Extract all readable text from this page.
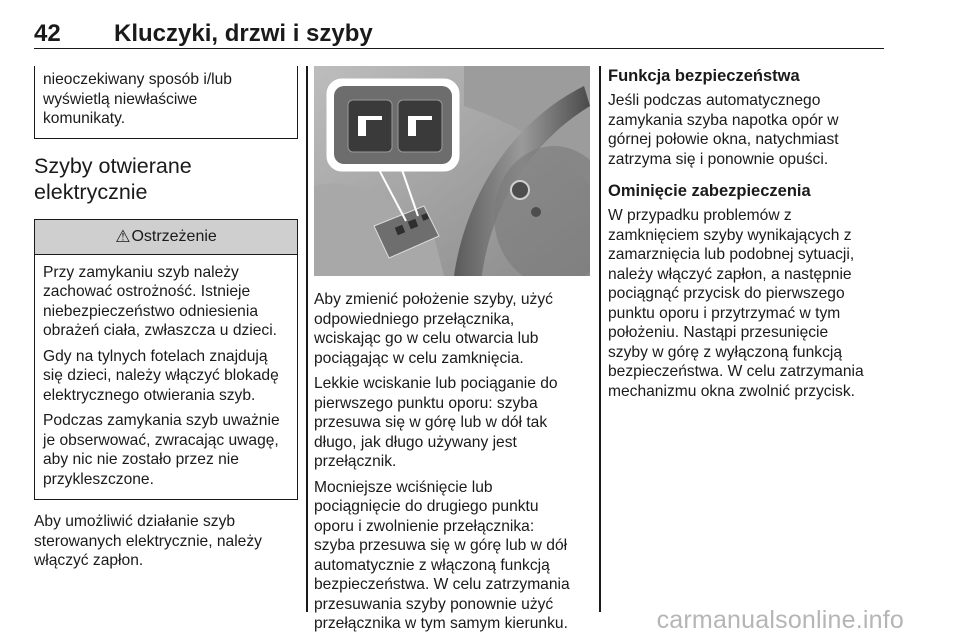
42 Kluczyki, drzwi i szyby

nieoczekiwany sposób i/lub
wyświetlą niewłaściwe
komunikaty.

Szyby otwierane
elektrycznie
⚠ Ostrzeżenie

Przy zamykaniu szyb należy
zachować ostrożność. Istnieje
niebezpieczeństwo odniesienia
obrażeń ciała, zwłaszcza u dzieci.

Gdy na tylnych fotelach znajdują
się dzieci, należy włączyć blokadę
elektrycznego otwierania szyb.

Podczas zamykania szyb uważnie
je obserwować, zwracając uwagę,
aby nic nie zostało przez nie
przykleszczone.

Aby umożliwić działanie szyb
sterowanych elektrycznie, należy
włączyć zapłon.

Aby zmienić położenie szyby, użyć
odpowiedniego przełącznika,
wciskając go w celu otwarcia lub
pociągając w celu zamknięcia.

Lekkie wciskanie lub pociąganie do
pierwszego punktu oporu: szyba
przesuwa się w górę lub w dół tak
długo, jak długo używany jest
przełącznik.

Mocniejsze wciśnięcie lub
pociągnięcie do drugiego punktu
oporu i zwolnienie przełącznika:
szyba przesuwa się w górę lub w dół
automatycznie z włączoną funkcją
bezpieczeństwa. W celu zatrzymania
przesuwania szyby ponownie użyć
przełącznika w tym samym kierunku.

Funkcja bezpieczeństwa

Jeśli podczas automatycznego
zamykania szyba napotka opór w
górnej połowie okna, natychmiast
zatrzyma się i ponownie opuści.

Ominięcie zabezpieczenia

W przypadku problemów z
zamknięciem szyby wynikających z
zamarznięcia lub podobnej sytuacji,
należy włączyć zapłon, a następnie
pociągnąć przycisk do pierwszego
punktu oporu i przytrzymać w tym
położeniu. Nastąpi przesunięcie
szyby w górę z wyłączoną funkcją
bezpieczeństwa. W celu zatrzymania
mechanizmu okna zwolnić przycisk.

carmanualsonline.info
